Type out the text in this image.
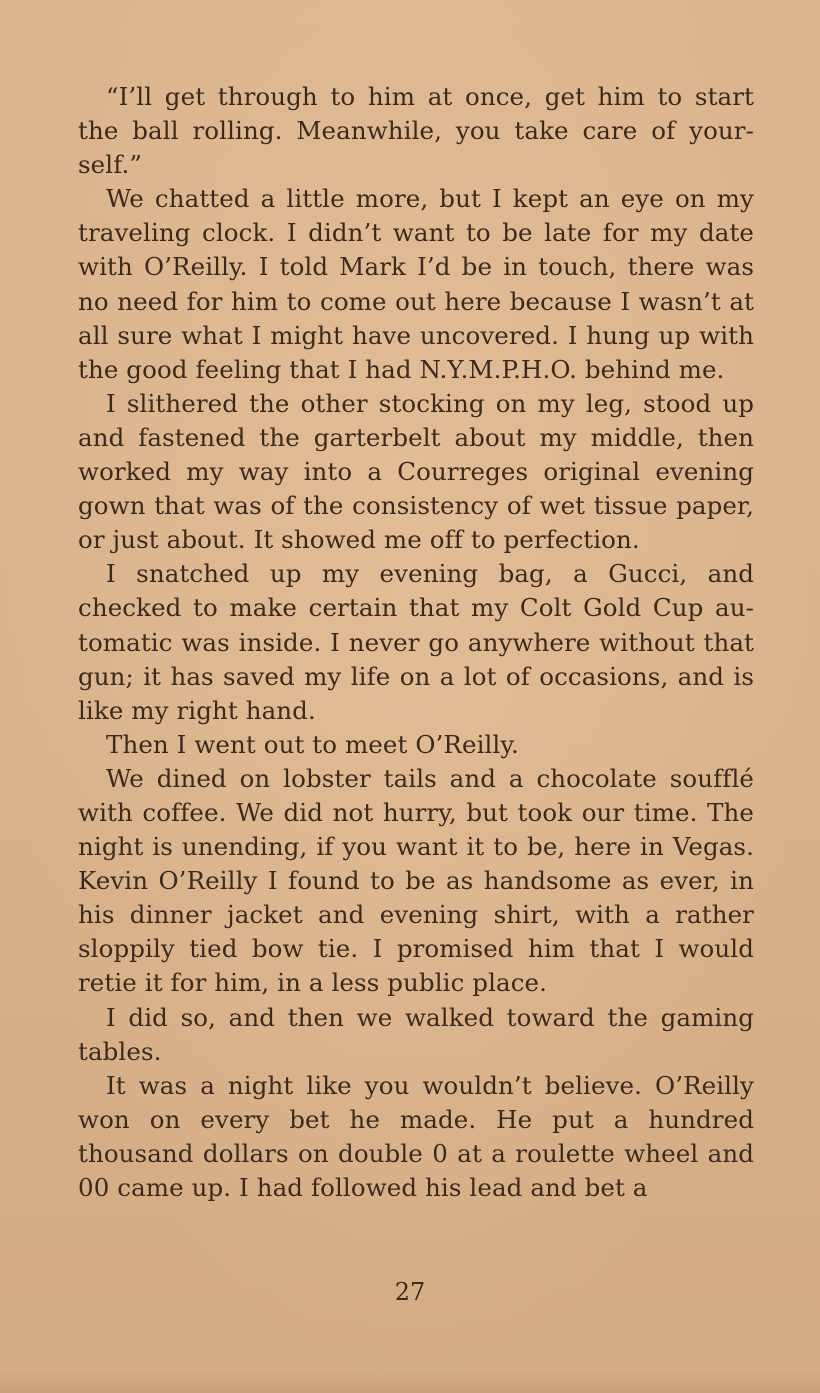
“I’ll get through to him at once, get him to start the ball rolling. Meanwhile, you take care of your-self.”

We chatted a little more, but I kept an eye on my traveling clock. I didn’t want to be late for my date with O’Reilly. I told Mark I’d be in touch, there was no need for him to come out here because I wasn’t at all sure what I might have uncovered. I hung up with the good feeling that I had N.Y.M.P.H.O. behind me.

I slithered the other stocking on my leg, stood up and fastened the garterbelt about my middle, then worked my way into a Courreges original evening gown that was of the consistency of wet tissue paper, or just about. It showed me off to perfection.

I snatched up my evening bag, a Gucci, and checked to make certain that my Colt Gold Cup au-tomatic was inside. I never go anywhere without that gun; it has saved my life on a lot of occasions, and is like my right hand.

Then I went out to meet O’Reilly.

We dined on lobster tails and a chocolate soufflé with coffee. We did not hurry, but took our time. The night is unending, if you want it to be, here in Vegas. Kevin O’Reilly I found to be as handsome as ever, in his dinner jacket and evening shirt, with a rather sloppily tied bow tie. I promised him that I would retie it for him, in a less public place.

I did so, and then we walked toward the gaming tables.

It was a night like you wouldn’t believe. O’Reilly won on every bet he made. He put a hundred thousand dollars on double 0 at a roulette wheel and 00 came up. I had followed his lead and bet a

27
